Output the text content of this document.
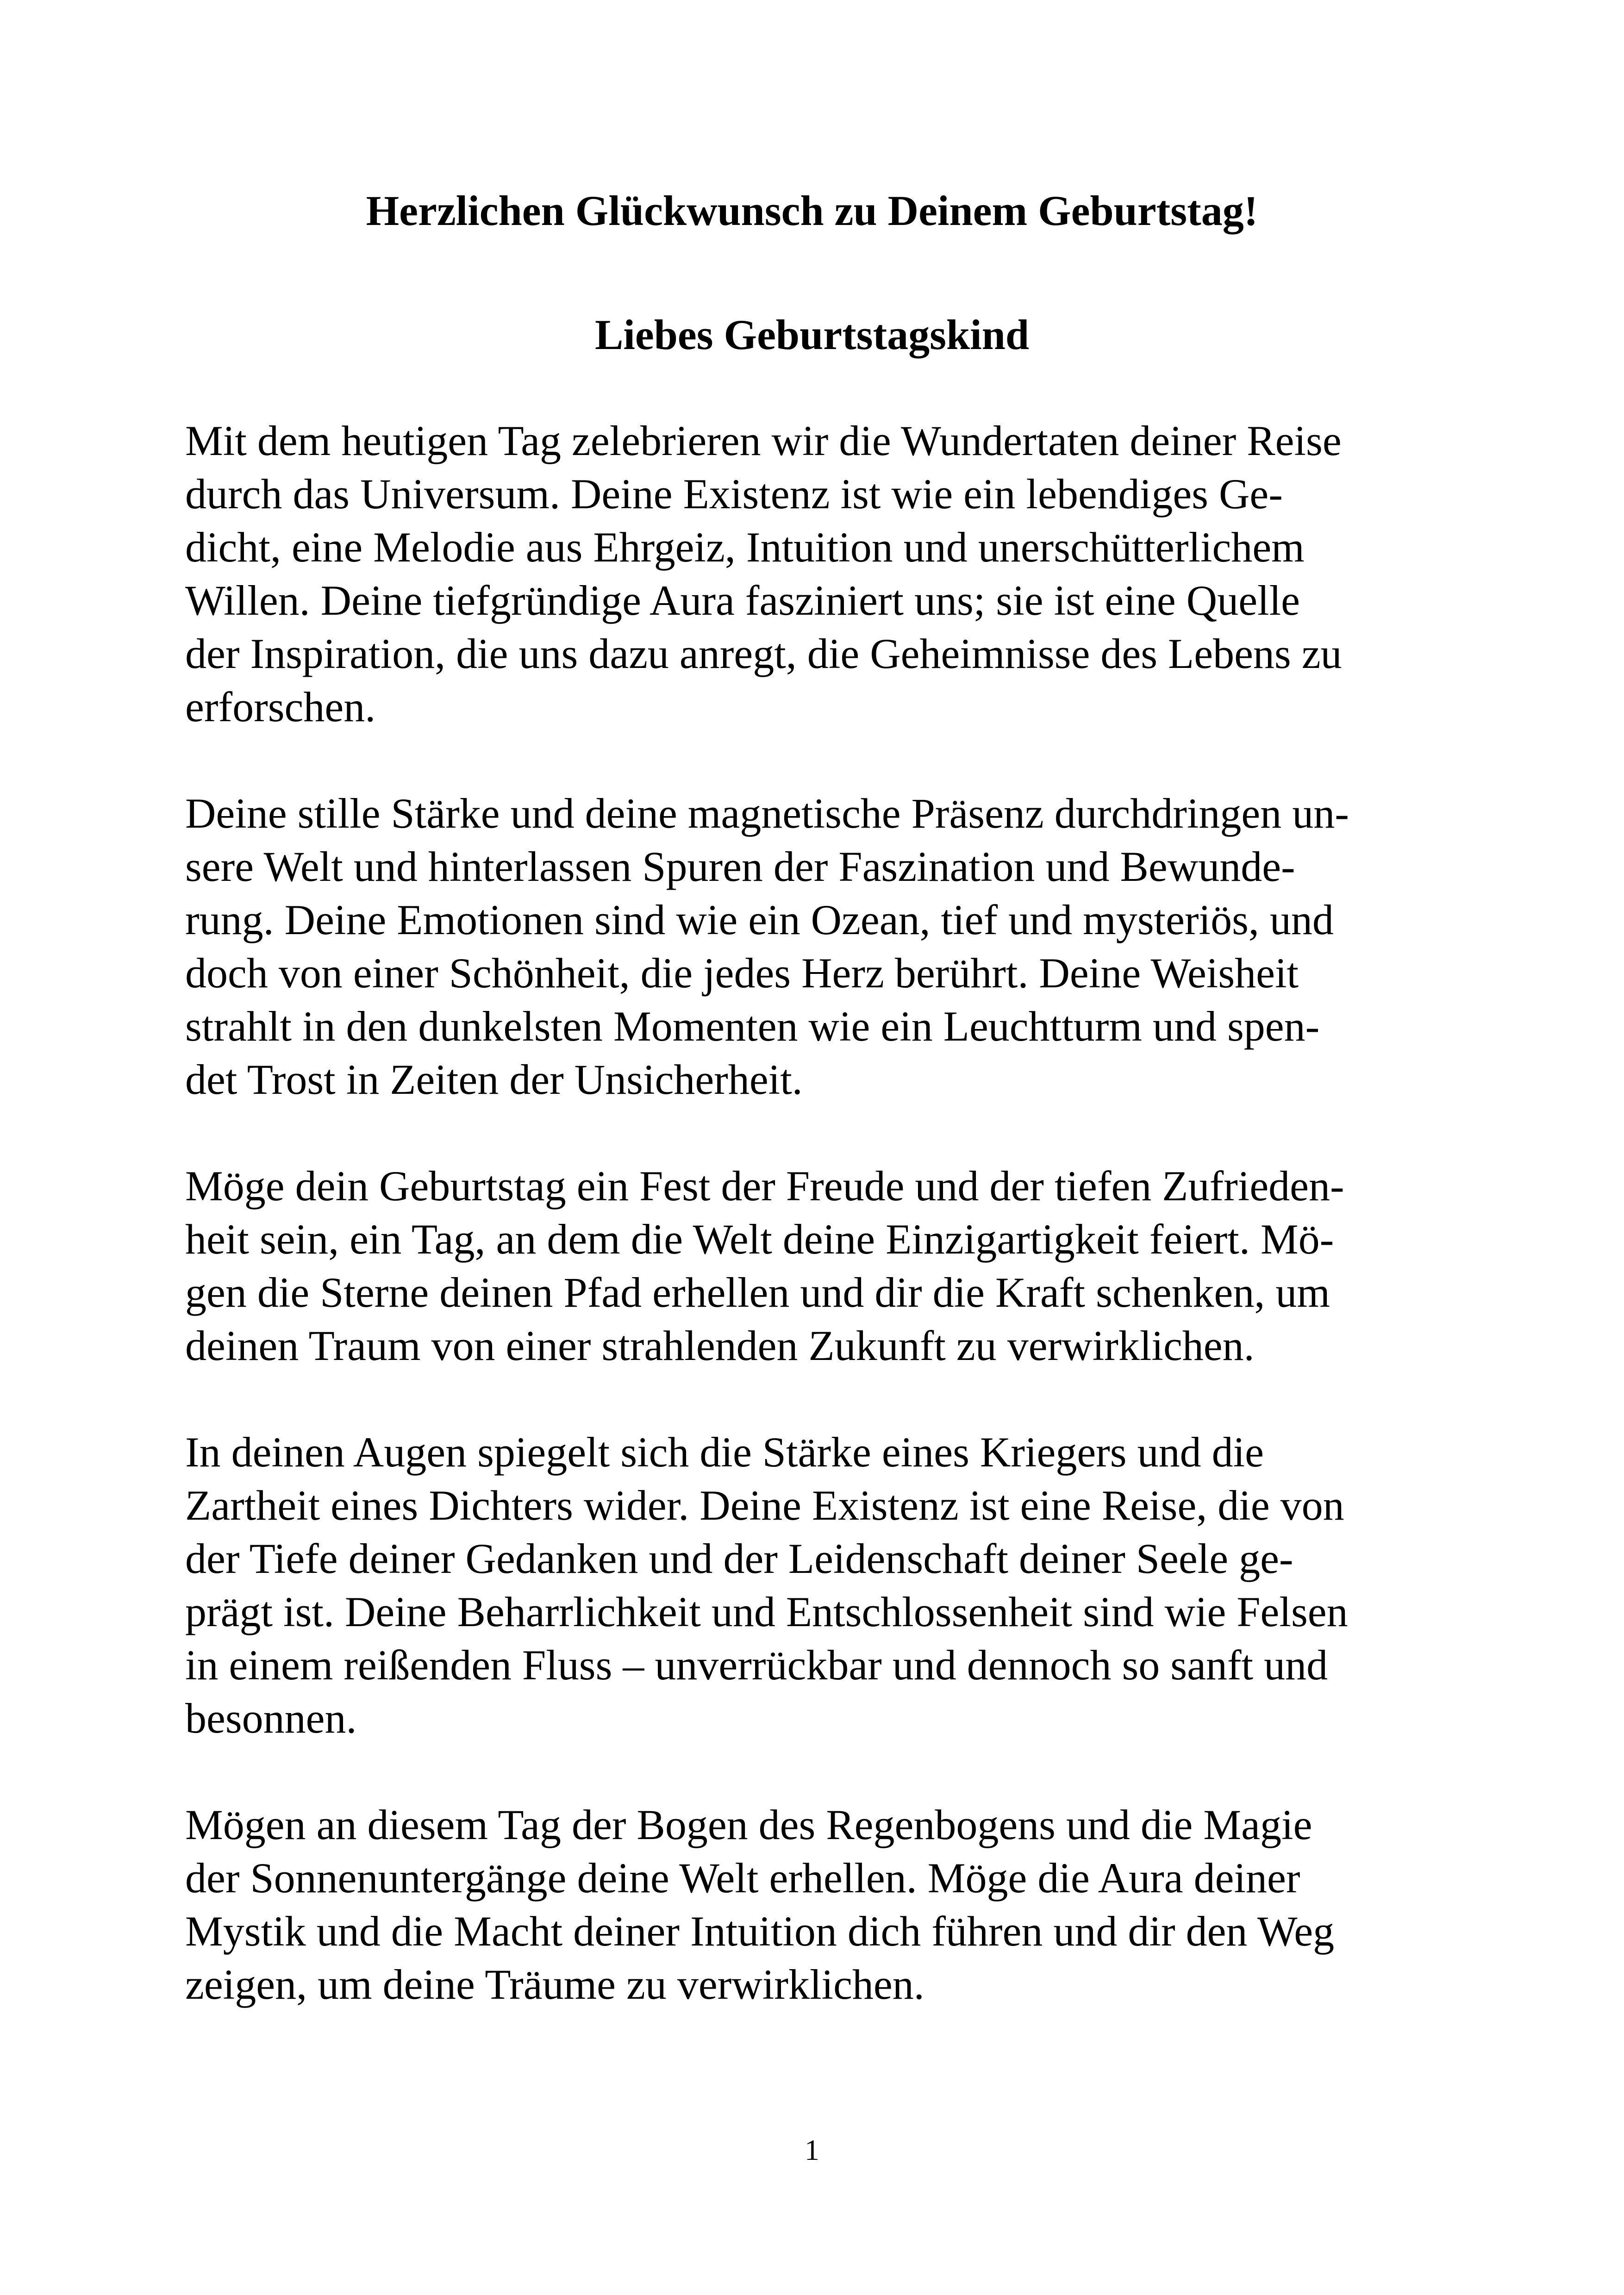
Herzlichen Glückwunsch zu Deinem Geburtstag!
Liebes Geburtstagskind

Mit dem heutigen Tag zelebrieren wir die Wundertaten deiner Reise
durch das Universum. Deine Existenz ist wie ein lebendiges Ge-
dicht, eine Melodie aus Ehrgeiz, Intuition und unerschütterlichem
Willen. Deine tiefgründige Aura fasziniert uns; sie ist eine Quelle
der Inspiration, die uns dazu anregt, die Geheimnisse des Lebens zu
erforschen.

Deine stille Stärke und deine magnetische Präsenz durchdringen un-
sere Welt und hinterlassen Spuren der Faszination und Bewunde-
rung. Deine Emotionen sind wie ein Ozean, tief und mysteriös, und
doch von einer Schönheit, die jedes Herz berührt. Deine Weisheit
strahlt in den dunkelsten Momenten wie ein Leuchtturm und spen-
det Trost in Zeiten der Unsicherheit.

Möge dein Geburtstag ein Fest der Freude und der tiefen Zufrieden-
heit sein, ein Tag, an dem die Welt deine Einzigartigkeit feiert. Mö-
gen die Sterne deinen Pfad erhellen und dir die Kraft schenken, um
deinen Traum von einer strahlenden Zukunft zu verwirklichen.

In deinen Augen spiegelt sich die Stärke eines Kriegers und die
Zartheit eines Dichters wider. Deine Existenz ist eine Reise, die von
der Tiefe deiner Gedanken und der Leidenschaft deiner Seele ge-
prägt ist. Deine Beharrlichkeit und Entschlossenheit sind wie Felsen
in einem reißenden Fluss – unverrückbar und dennoch so sanft und
besonnen.

Mögen an diesem Tag der Bogen des Regenbogens und die Magie
der Sonnenuntergänge deine Welt erhellen. Möge die Aura deiner
Mystik und die Macht deiner Intuition dich führen und dir den Weg
zeigen, um deine Träume zu verwirklichen.

1
